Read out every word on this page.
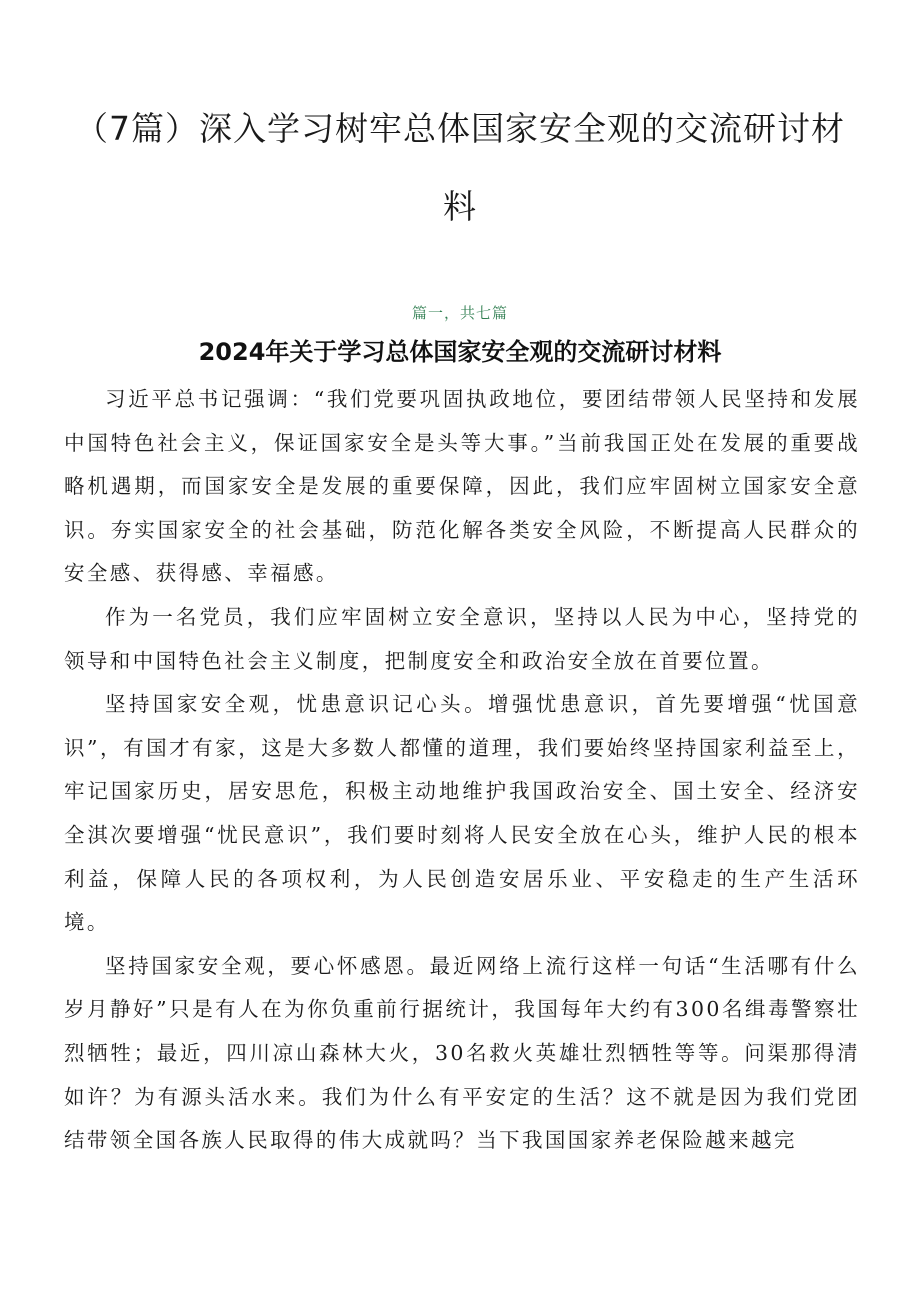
（7篇）深入学习树牢总体国家安全观的交流研讨材
料
篇一，共七篇
2024年关于学习总体国家安全观的交流研讨材料

习近平总书记强调：“我们党要巩固执政地位，要团结带领人民坚持和发展中国特色社会主义，保证国家安全是头等大事。”当前我国正处在发展的重要战略机遇期，而国家安全是发展的重要保障，因此，我们应牢固树立国家安全意识。夯实国家安全的社会基础，防范化解各类安全风险，不断提高人民群众的安全感、获得感、幸福感。

作为一名党员，我们应牢固树立安全意识，坚持以人民为中心，坚持党的领导和中国特色社会主义制度，把制度安全和政治安全放在首要位置。

坚持国家安全观，忧患意识记心头。增强忧患意识，首先要增强“忧国意识”，有国才有家，这是大多数人都懂的道理，我们要始终坚持国家利益至上，牢记国家历史，居安思危，积极主动地维护我国政治安全、国土安全、经济安全淇次要增强“忧民意识”，我们要时刻将人民安全放在心头，维护人民的根本利益，保障人民的各项权利，为人民创造安居乐业、平安稳走的生产生活环境。

坚持国家安全观，要心怀感恩。最近网络上流行这样一句话“生活哪有什么岁月静好”只是有人在为你负重前行据统计，我国每年大约有300名缉毒警察壮烈牺牲；最近，四川凉山森林大火，30名救火英雄壮烈牺牲等等。问渠那得清如许？为有源头活水来。我们为什么有平安定的生活？这不就是因为我们党团结带领全国各族人民取得的伟大成就吗？当下我国国家养老保险越来越完
